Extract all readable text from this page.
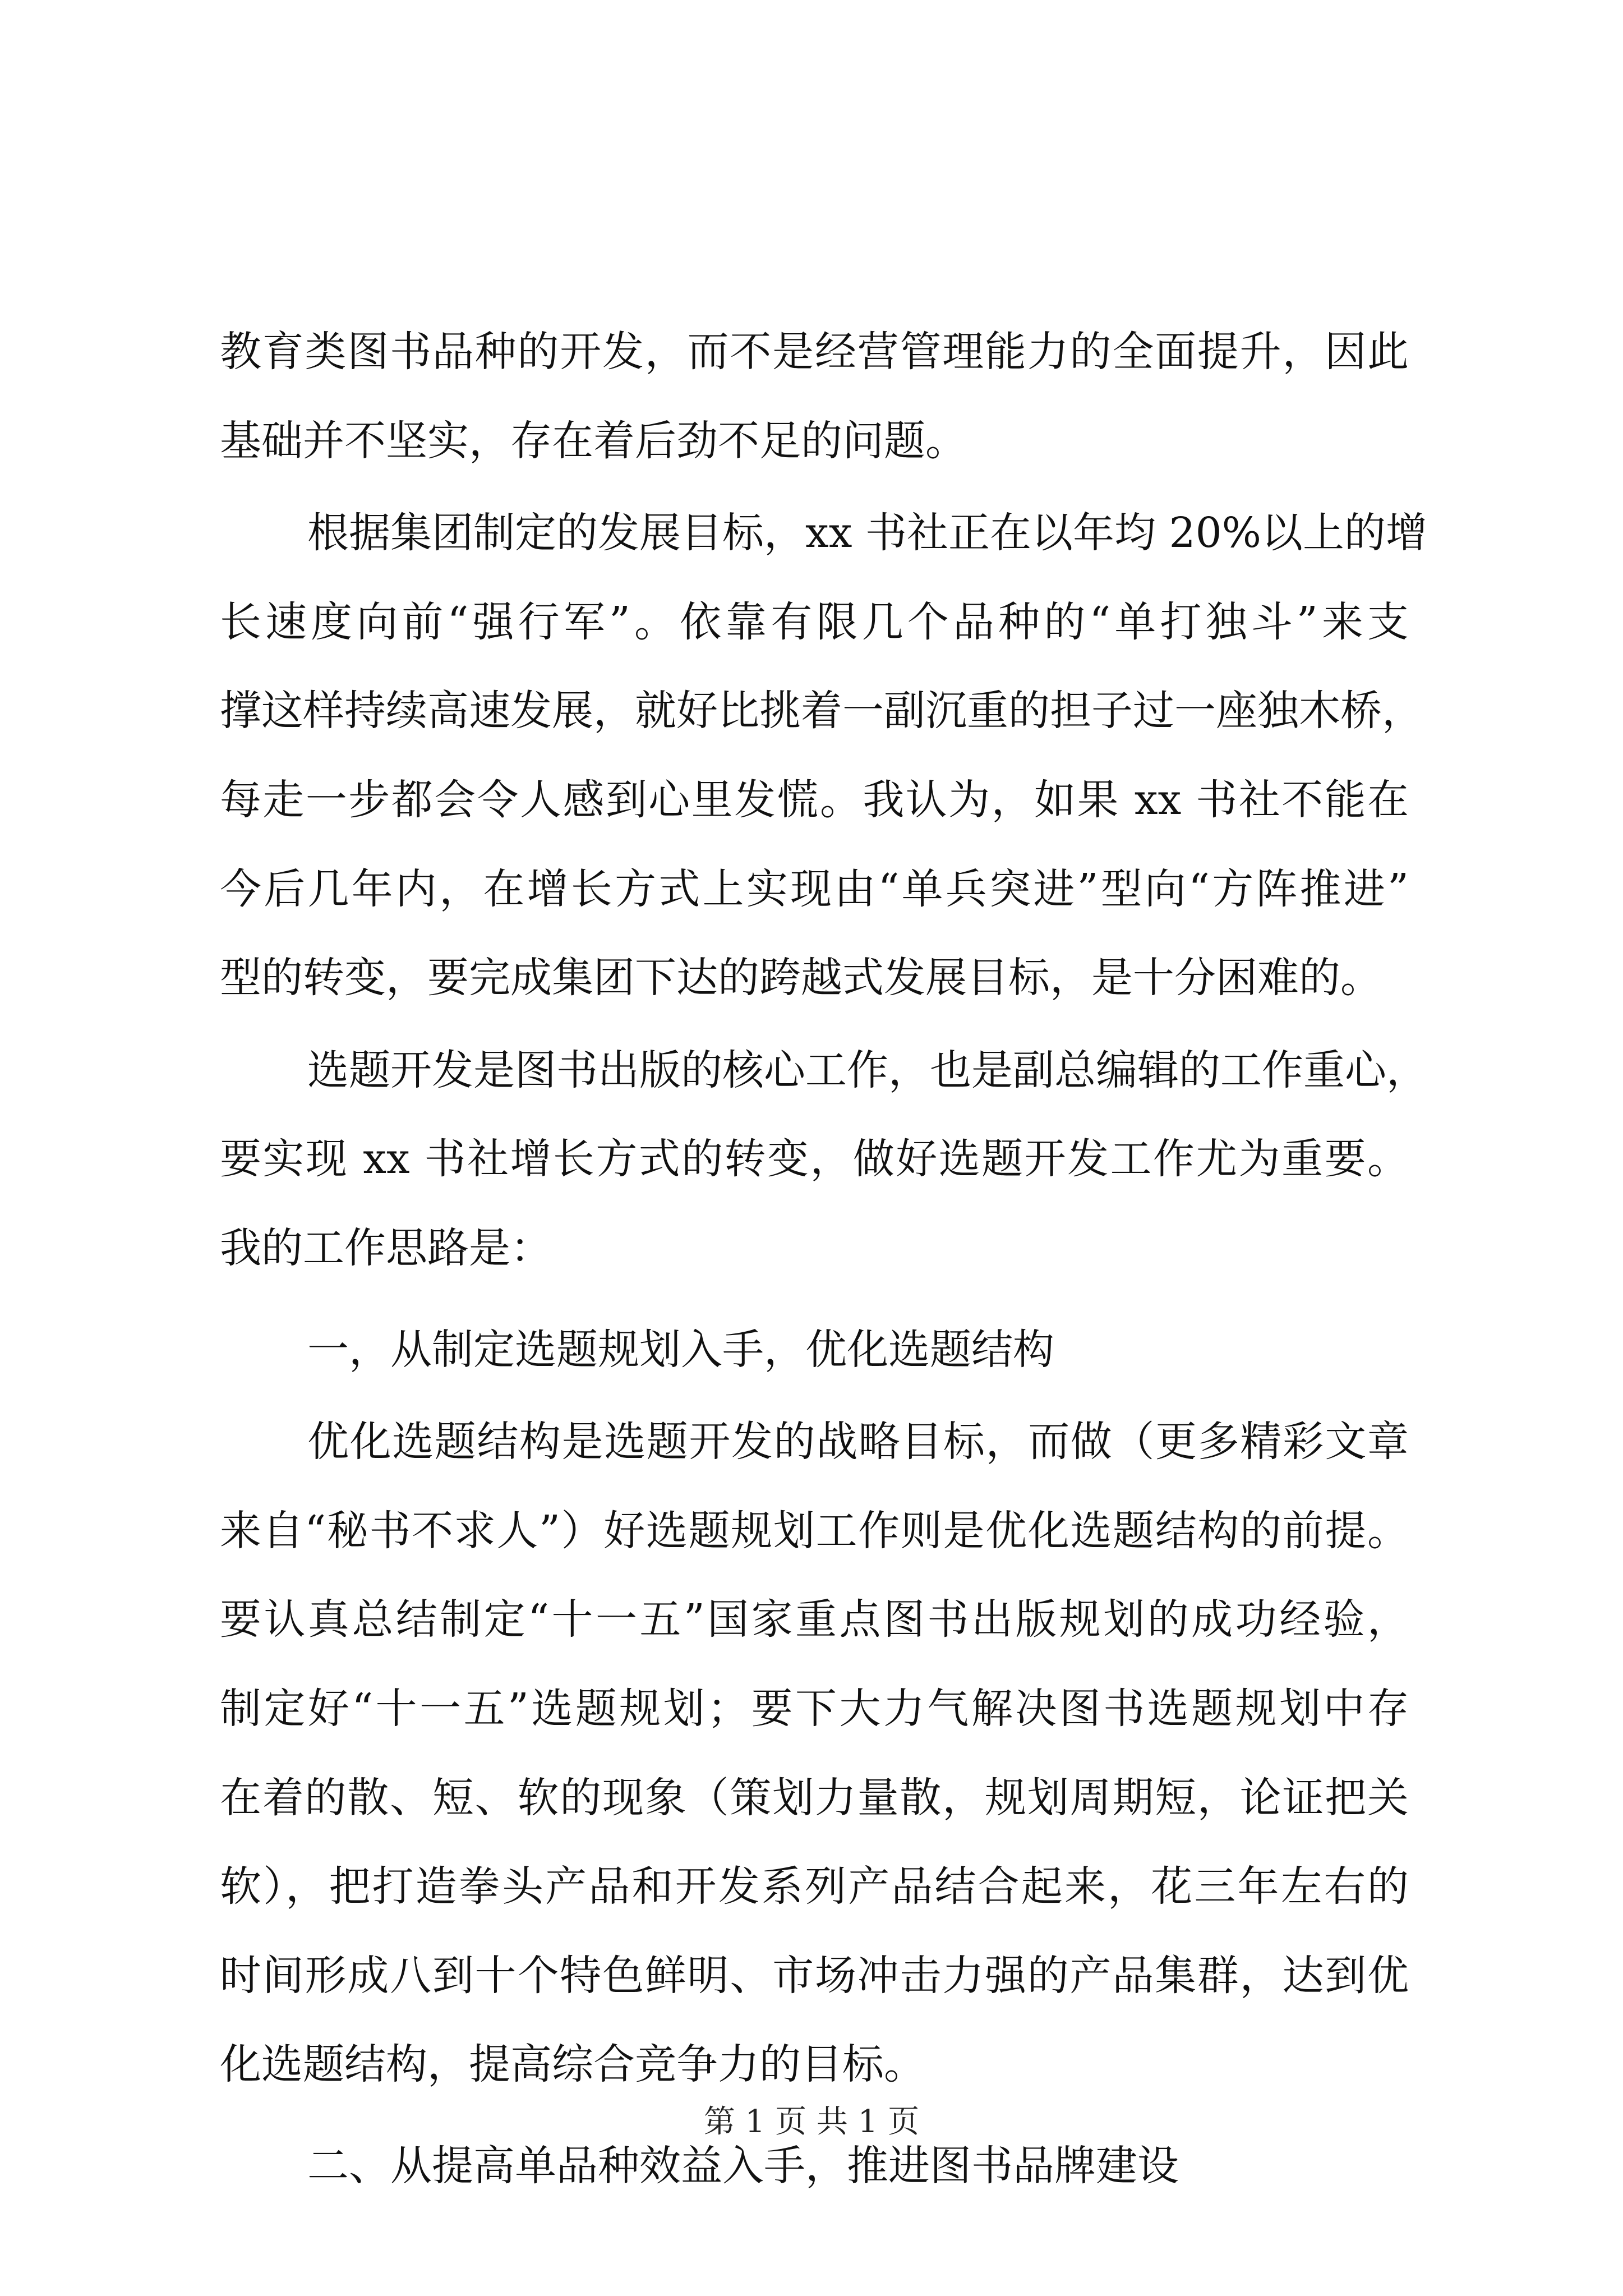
教育类图书品种的开发，而不是经营管理能力的全面提升，因此
基础并不坚实，存在着后劲不足的问题。
根据集团制定的发展目标，xx 书社正在以年均 20%以上的增
长速度向前“强行军”。依靠有限几个品种的“单打独斗”来支
撑这样持续高速发展，就好比挑着一副沉重的担子过一座独木桥，
每走一步都会令人感到心里发慌。我认为，如果 xx 书社不能在
今后几年内，在增长方式上实现由“单兵突进”型向“方阵推进”
型的转变，要完成集团下达的跨越式发展目标，是十分困难的。
选题开发是图书出版的核心工作，也是副总编辑的工作重心，
要实现 xx 书社增长方式的转变，做好选题开发工作尤为重要。
我的工作思路是：
一，从制定选题规划入手，优化选题结构
优化选题结构是选题开发的战略目标，而做（更多精彩文章
来自“秘书不求人”）好选题规划工作则是优化选题结构的前提。
要认真总结制定“十一五”国家重点图书出版规划的成功经验，
制定好“十一五”选题规划；要下大力气解决图书选题规划中存
在着的散、短、软的现象（策划力量散，规划周期短，论证把关
软），把打造拳头产品和开发系列产品结合起来，花三年左右的
时间形成八到十个特色鲜明、市场冲击力强的产品集群，达到优
化选题结构，提高综合竞争力的目标。
二、从提高单品种效益入手，推进图书品牌建设
第 1 页 共 1 页
